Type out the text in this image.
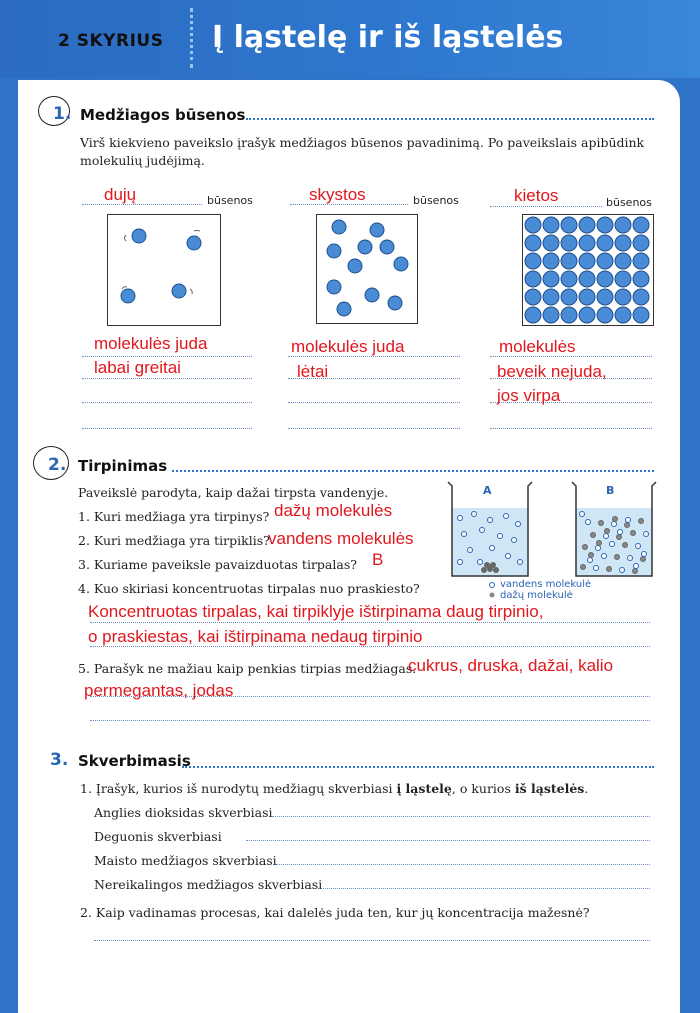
2 SKYRIUS Į ląstelę ir iš ląstelės
1. Medžiagos būsenos
Virš kiekvieno paveikslo įrašyk medžiagos būsenos pavadinimą. Po paveikslais apibūdink
molekulių judėjimą.
būsenos
dujų	būsenos
skystos	būsenos
kietos
molekulės juda
labai greitai
molekulės juda
lėtai
molekulės
beveik nejuda,
jos virpa
2. Tirpinimas
Paveikslė parodyta, kaip dažai tirpsta vandenyje.
1. Kuri medžiaga yra tirpinys? dažų molekulės
2. Kuri medžiaga yra tirpiklis?
vandens molekulės
3. Kuriame paveiksle pavaizduotas tirpalas? B
4. Kuo skiriasi koncentruotas tirpalas nuo praskiesto?
A	B
vandens molekulė
dažų molekulė
Koncentruotas tirpalas, kai tirpiklyje ištirpinama daug tirpinio,
o praskiestas, kai ištirpinama nedaug tirpinio
5. Parašyk ne mažiau kaip penkias tirpias medžiagas.
cukrus, druska, dažai, kalio
permegantas, jodas
3. Skverbimasis
1. Įrašyk, kurios iš nurodytų medžiagų skverbiasi į ląstelę, o kurios iš ląstelės.
Anglies dioksidas skverbiasi
Deguonis skverbiasi
Maisto medžiagos skverbiasi
Nereikalingos medžiagos skverbiasi
2. Kaip vadinamas procesas, kai dalelės juda ten, kur jų koncentracija mažesnė?
